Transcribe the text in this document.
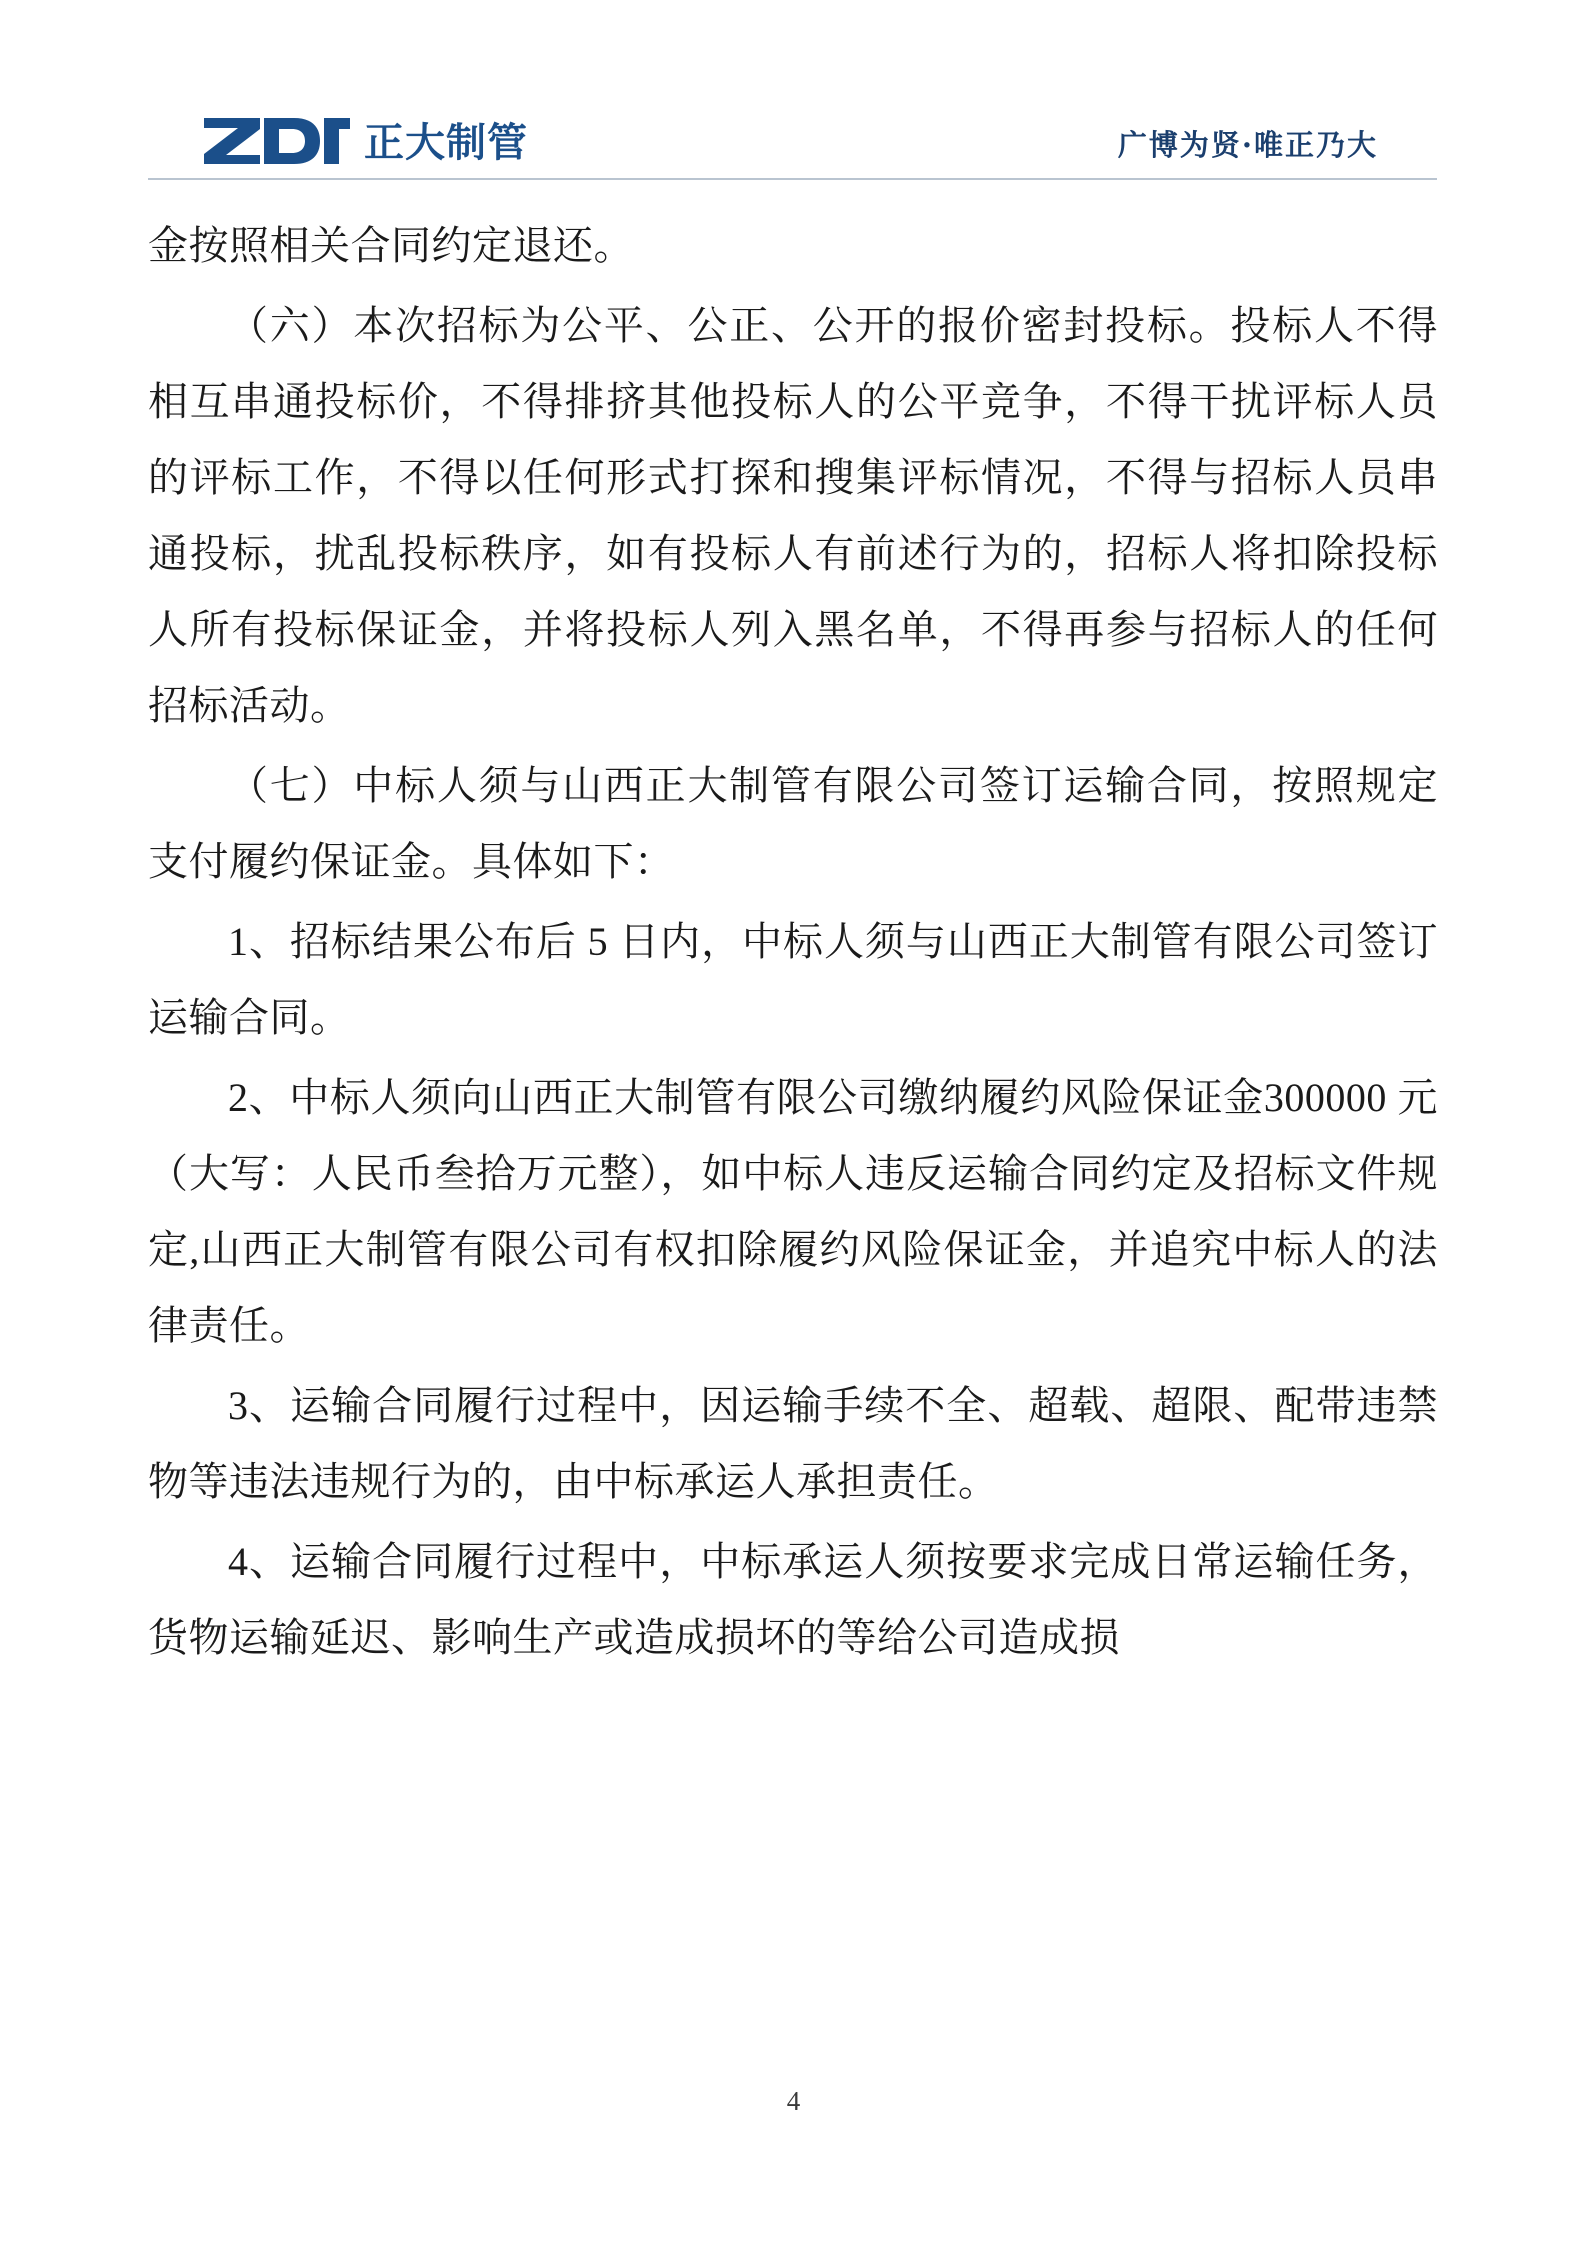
正大制管	广博为贤·唯正乃大

金按照相关合同约定退还。

（六）本次招标为公平、公正、公开的报价密封投标。投标人不得相互串通投标价，不得排挤其他投标人的公平竞争，不得干扰评标人员的评标工作，不得以任何形式打探和搜集评标情况，不得与招标人员串通投标，扰乱投标秩序，如有投标人有前述行为的，招标人将扣除投标人所有投标保证金，并将投标人列入黑名单，不得再参与招标人的任何招标活动。

（七）中标人须与山西正大制管有限公司签订运输合同，按照规定支付履约保证金。具体如下：

1、招标结果公布后 5 日内，中标人须与山西正大制管有限公司签订运输合同。

2、中标人须向山西正大制管有限公司缴纳履约风险保证金300000 元（大写：人民币叁拾万元整），如中标人违反运输合同约定及招标文件规定,山西正大制管有限公司有权扣除履约风险保证金，并追究中标人的法律责任。

3、运输合同履行过程中，因运输手续不全、超载、超限、配带违禁物等违法违规行为的，由中标承运人承担责任。

4、运输合同履行过程中，中标承运人须按要求完成日常运输任务，货物运输延迟、影响生产或造成损坏的等给公司造成损

4
